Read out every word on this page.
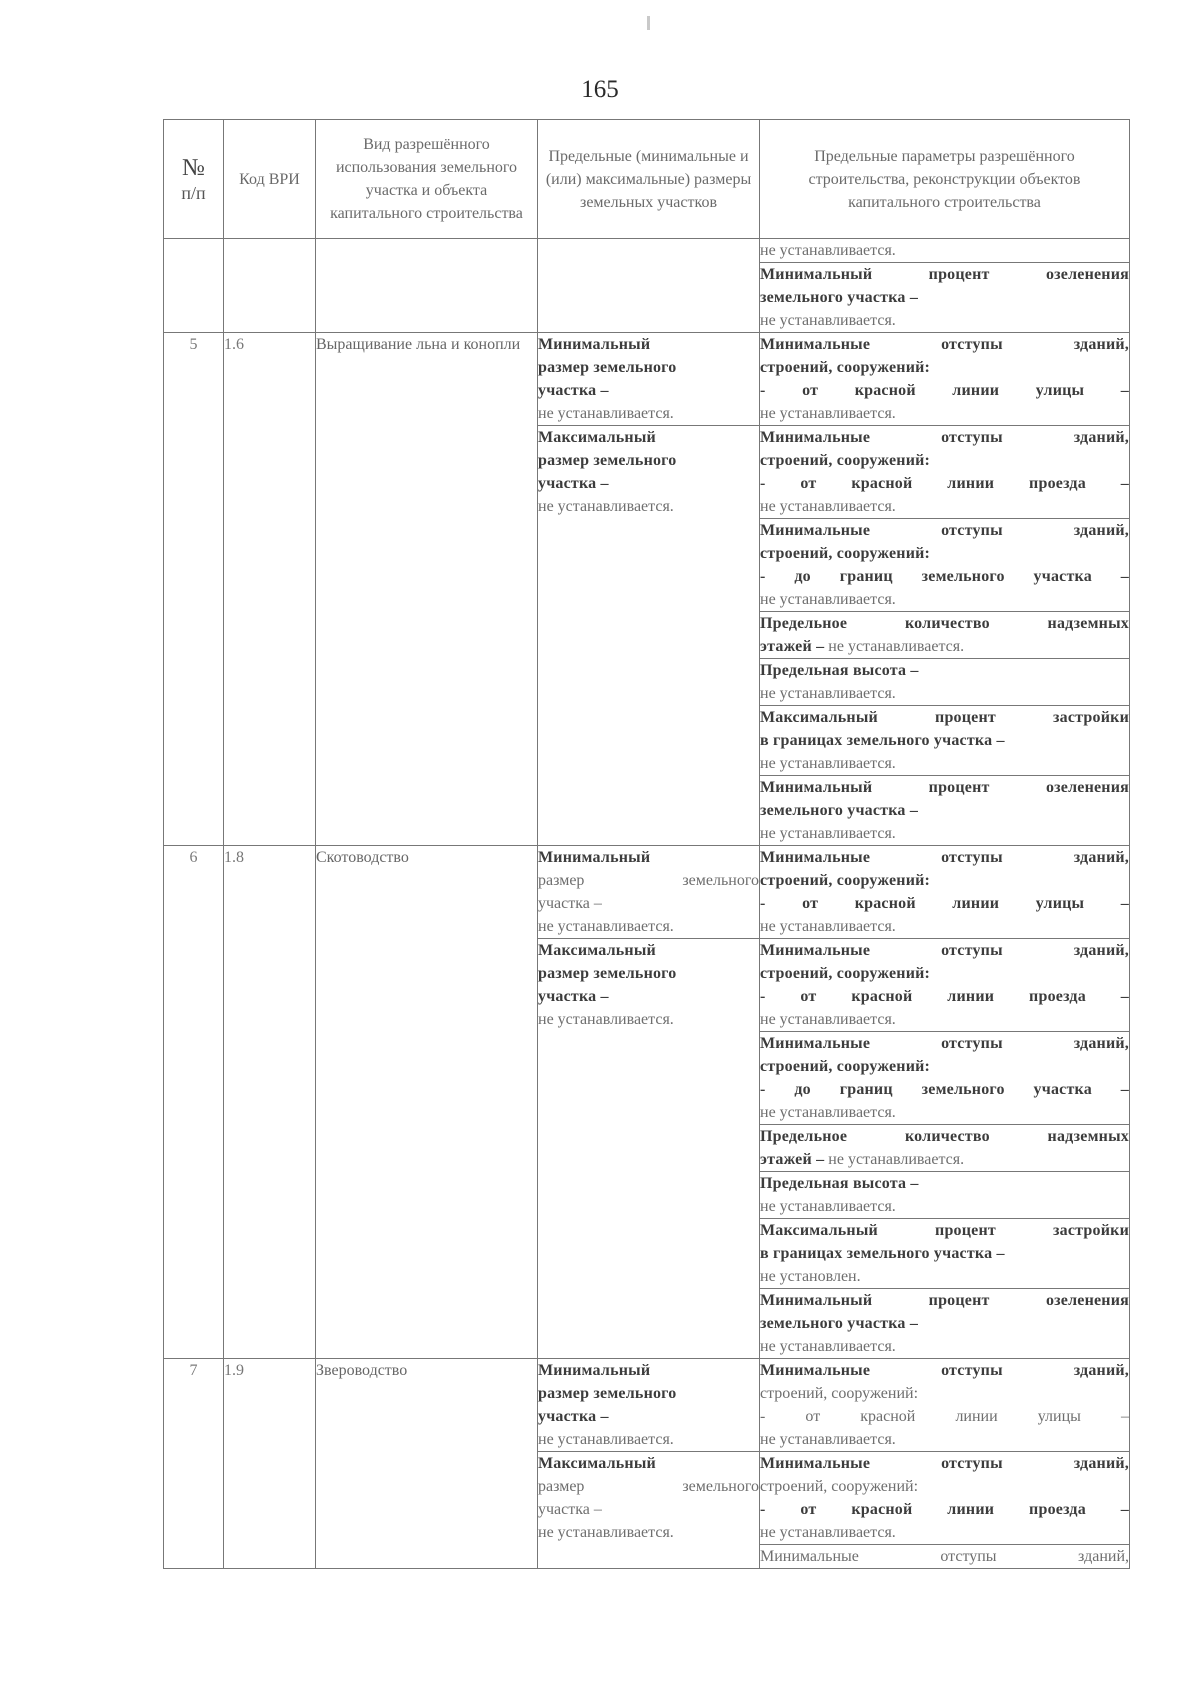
165
№
п/п	Код ВРИ	Вид разрешённого использования земельного участка и объекта капитального строительства	Предельные (минимальные и (или) максимальные) размеры земельных участков	Предельные параметры разрешённого строительства, реконструкции объектов капитального строительства

				не устанавливается.

				Минимальный процент озеленения
земельного участка –
не устанавливается.

5	1.6	Выращивание льна и конопли	Минимальный
размер земельного
участка –
не устанавливается.	Минимальные отступы зданий,
строений, сооружений:
- от красной линии улицы –
не устанавливается.

			Максимальный
размер земельного
участка –
не устанавливается.	Минимальные отступы зданий,
строений, сооружений:
- от красной линии проезда –
не устанавливается.

				Минимальные отступы зданий,
строений, сооружений:
- до границ земельного участка –
не устанавливается.

				Предельное количество надземных
этажей – не устанавливается.

				Предельная высота –
не устанавливается.

				Максимальный процент застройки
в границах земельного участка –
не устанавливается.

				Минимальный процент озеленения
земельного участка –
не устанавливается.

6	1.8	Скотоводство	Минимальный
размер земельного
участка –
не устанавливается.	Минимальные отступы зданий,
строений, сооружений:
- от красной линии улицы –
не устанавливается.

			Максимальный
размер земельного
участка –
не устанавливается.	Минимальные отступы зданий,
строений, сооружений:
- от красной линии проезда –
не устанавливается.

				Минимальные отступы зданий,
строений, сооружений:
- до границ земельного участка –
не устанавливается.

				Предельное количество надземных
этажей – не устанавливается.

				Предельная высота –
не устанавливается.

				Максимальный процент застройки
в границах земельного участка –
не установлен.

				Минимальный процент озеленения
земельного участка –
не устанавливается.

7	1.9	Звероводство	Минимальный
размер земельного
участка –
не устанавливается.	Минимальные отступы зданий,
строений, сооружений:
- от красной линии улицы –
не устанавливается.

			Максимальный
размер земельного
участка –
не устанавливается.	Минимальные отступы зданий,
строений, сооружений:
- от красной линии проезда –
не устанавливается.

				Минимальные отступы зданий,
